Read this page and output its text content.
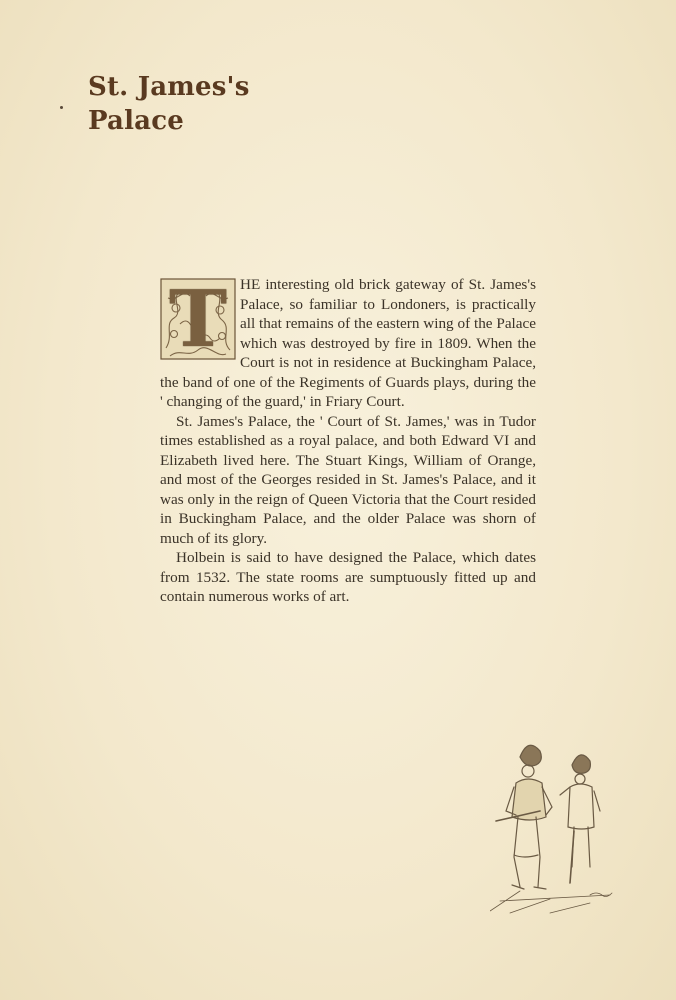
St. James's
Palace

T HE interesting old brick gateway of St. James's Palace, so familiar to Londoners, is practically all that remains of the eastern wing of the Palace which was destroyed by fire in 1809. When the Court is not in residence at Buckingham Palace, the band of one of the Regiments of Guards plays, during the ' changing of the guard,' in Friary Court.

St. James's Palace, the ' Court of St. James,' was in Tudor times established as a royal palace, and both Edward VI and Elizabeth lived here. The Stuart Kings, William of Orange, and most of the Georges resided in St. James's Palace, and it was only in the reign of Queen Victoria that the Court resided in Buckingham Palace, and the older Palace was shorn of much of its glory.

Holbein is said to have designed the Palace, which dates from 1532. The state rooms are sumptuously fitted up and contain numerous works of art.
